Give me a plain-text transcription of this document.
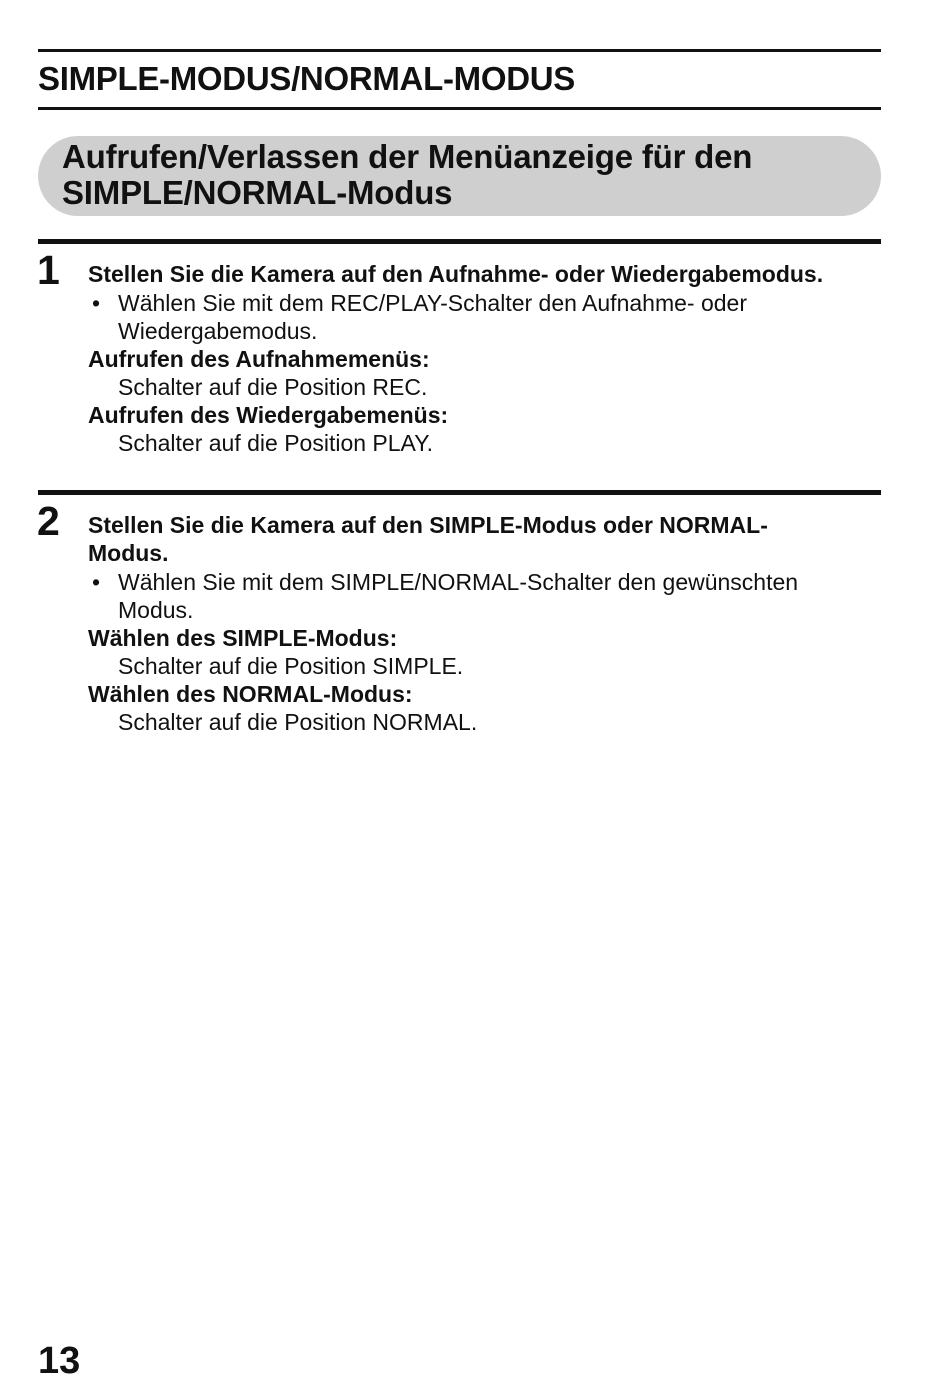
SIMPLE-MODUS/NORMAL-MODUS
Aufrufen/Verlassen der Menüanzeige für den
SIMPLE/NORMAL-Modus
1 Stellen Sie die Kamera auf den Aufnahme- oder Wiedergabemodus.
• Wählen Sie mit dem REC/PLAY-Schalter den Aufnahme- oder
Wiedergabemodus.
Aufrufen des Aufnahmemenüs:
Schalter auf die Position REC.
Aufrufen des Wiedergabemenüs:
Schalter auf die Position PLAY.
2 Stellen Sie die Kamera auf den SIMPLE-Modus oder NORMAL-
Modus.
• Wählen Sie mit dem SIMPLE/NORMAL-Schalter den gewünschten
Modus.
Wählen des SIMPLE-Modus:
Schalter auf die Position SIMPLE.
Wählen des NORMAL-Modus:
Schalter auf die Position NORMAL.
13
